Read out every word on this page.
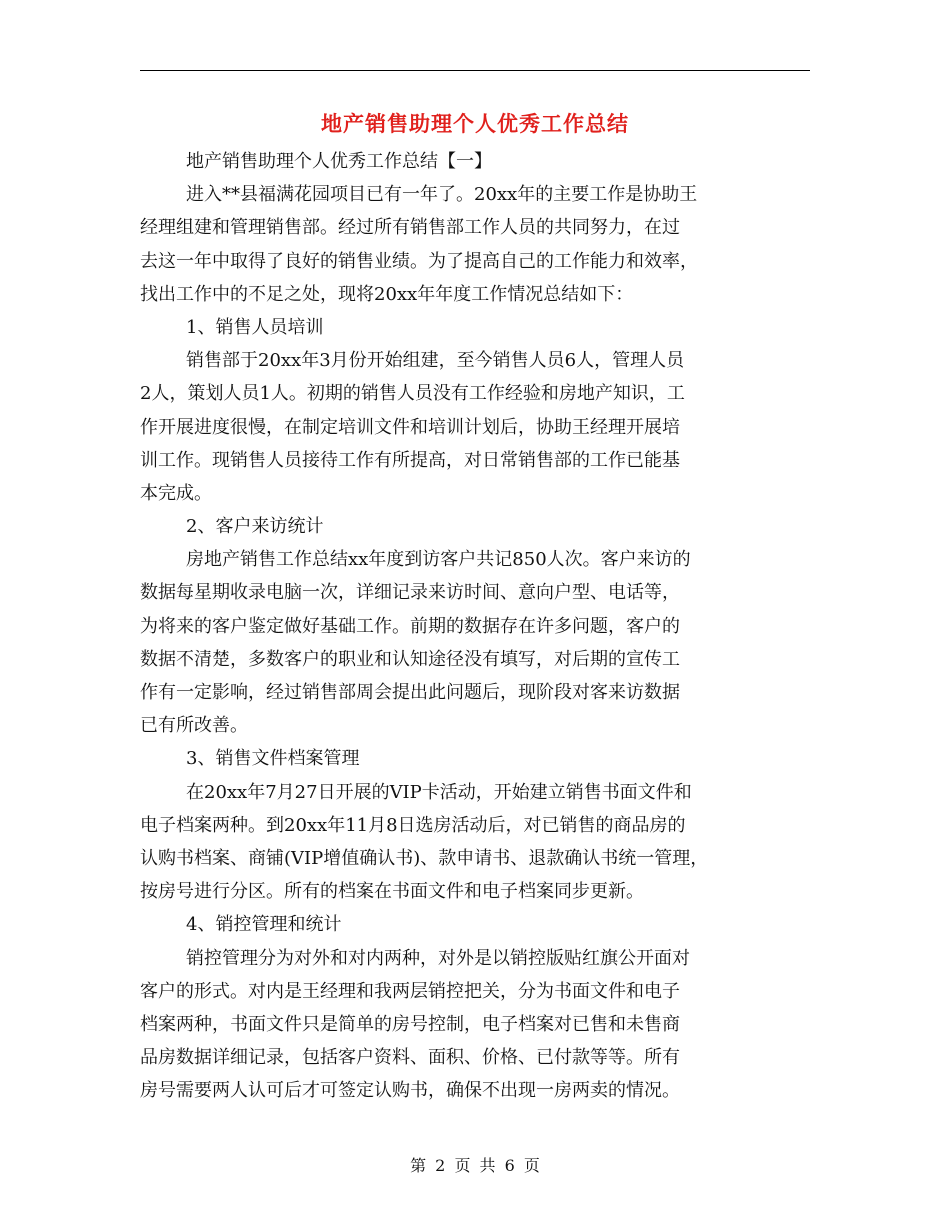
地产销售助理个人优秀工作总结
地产销售助理个人优秀工作总结【一】
进入**县福满花园项目已有一年了。20xx年的主要工作是协助王
经理组建和管理销售部。经过所有销售部工作人员的共同努力，在过
去这一年中取得了良好的销售业绩。为了提高自己的工作能力和效率，
找出工作中的不足之处，现将20xx年年度工作情况总结如下：
1、销售人员培训
销售部于20xx年3月份开始组建，至今销售人员6人，管理人员
2人，策划人员1人。初期的销售人员没有工作经验和房地产知识，工
作开展进度很慢，在制定培训文件和培训计划后，协助王经理开展培
训工作。现销售人员接待工作有所提高，对日常销售部的工作已能基
本完成。
2、客户来访统计
房地产销售工作总结xx年度到访客户共记850人次。客户来访的
数据每星期收录电脑一次，详细记录来访时间、意向户型、电话等，
为将来的客户鉴定做好基础工作。前期的数据存在许多问题，客户的
数据不清楚，多数客户的职业和认知途径没有填写，对后期的宣传工
作有一定影响，经过销售部周会提出此问题后，现阶段对客来访数据
已有所改善。
3、销售文件档案管理
在20xx年7月27日开展的VIP卡活动，开始建立销售书面文件和
电子档案两种。到20xx年11月8日选房活动后，对已销售的商品房的
认购书档案、商铺(VIP增值确认书)、款申请书、退款确认书统一管理，
按房号进行分区。所有的档案在书面文件和电子档案同步更新。
4、销控管理和统计
销控管理分为对外和对内两种，对外是以销控版贴红旗公开面对
客户的形式。对内是王经理和我两层销控把关，分为书面文件和电子
档案两种，书面文件只是简单的房号控制，电子档案对已售和未售商
品房数据详细记录，包括客户资料、面积、价格、已付款等等。所有
房号需要两人认可后才可签定认购书，确保不出现一房两卖的情况。
第 2 页 共 6 页
